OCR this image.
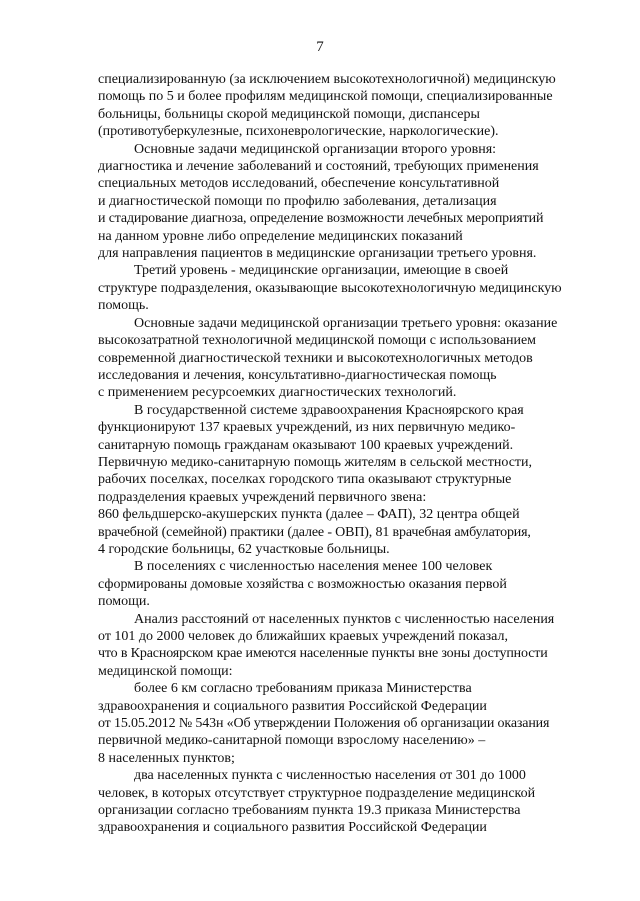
7
специализированную (за исключением высокотехнологичной) медицинскую
помощь по 5 и более профилям медицинской помощи, специализированные
больницы, больницы скорой медицинской помощи, диспансеры
(противотуберкулезные, психоневрологические, наркологические).
Основные задачи медицинской организации второго уровня:
диагностика и лечение заболеваний и состояний, требующих применения
специальных методов исследований, обеспечение консультативной
и диагностической помощи по профилю заболевания, детализация
и стадирование диагноза, определение возможности лечебных мероприятий
на данном уровне либо определение медицинских показаний
для направления пациентов в медицинские организации третьего уровня.
Третий уровень - медицинские организации, имеющие в своей
структуре подразделения, оказывающие высокотехнологичную медицинскую
помощь.
Основные задачи медицинской организации третьего уровня: оказание
высокозатратной технологичной медицинской помощи с использованием
современной диагностической техники и высокотехнологичных методов
исследования и лечения, консультативно-диагностическая помощь
с применением ресурсоемких диагностических технологий.
В государственной системе здравоохранения Красноярского края
функционируют 137 краевых учреждений, из них первичную медико-
санитарную помощь гражданам оказывают 100 краевых учреждений.
Первичную медико-санитарную помощь жителям в сельской местности,
рабочих поселках, поселках городского типа оказывают структурные
подразделения краевых учреждений первичного звена:
860 фельдшерско-акушерских пункта (далее – ФАП), 32 центра общей
врачебной (семейной) практики (далее - ОВП), 81 врачебная амбулатория,
4 городские больницы, 62 участковые больницы.
В поселениях с численностью населения менее 100 человек
сформированы домовые хозяйства с возможностью оказания первой
помощи.
Анализ расстояний от населенных пунктов с численностью населения
от 101 до 2000 человек до ближайших краевых учреждений показал,
что в Красноярском крае имеются населенные пункты вне зоны доступности
медицинской помощи:
более 6 км согласно требованиям приказа Министерства
здравоохранения и социального развития Российской Федерации
от 15.05.2012 № 543н «Об утверждении Положения об организации оказания
первичной медико-санитарной помощи взрослому населению» –
8 населенных пунктов;
два населенных пункта с численностью населения от 301 до 1000
человек, в которых отсутствует структурное подразделение медицинской
организации согласно требованиям пункта 19.3 приказа Министерства
здравоохранения и социального развития Российской Федерации
